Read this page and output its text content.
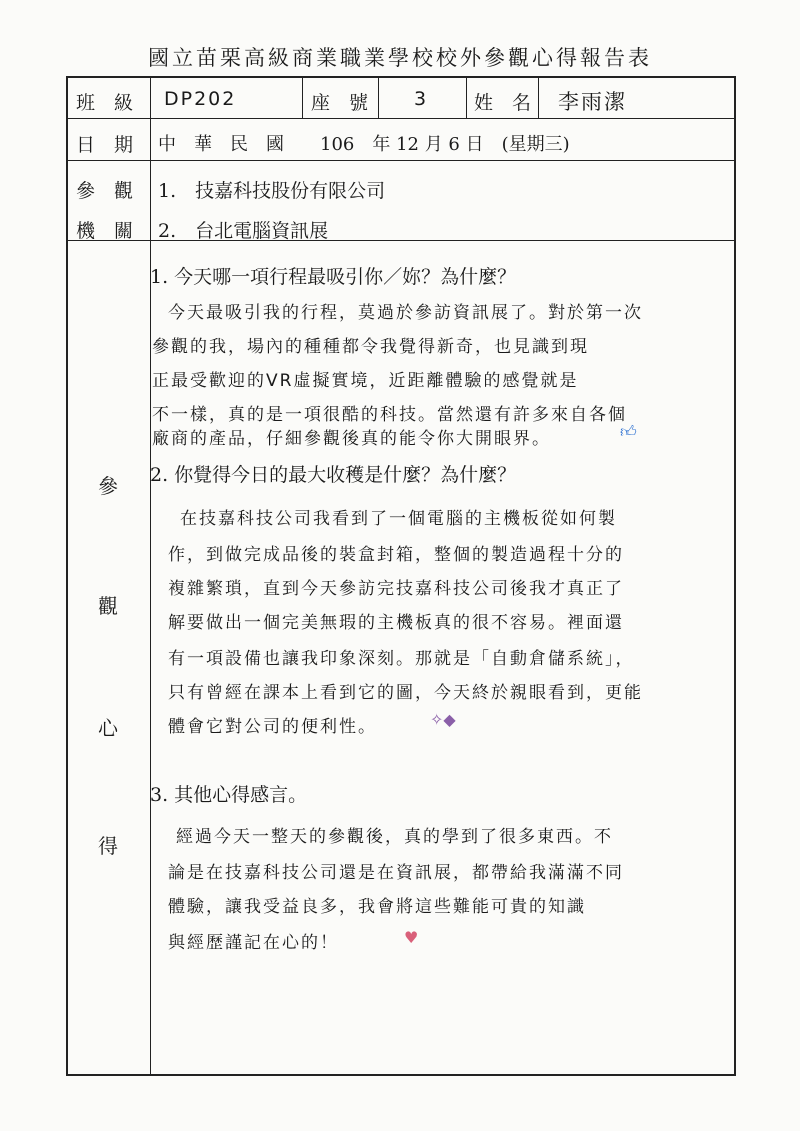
國立苗栗高級商業職業學校校外參觀心得報告表
班　級 DP202	座　號 3 姓　名 李雨潔
日　期 中　華　民　國　　106　年 12 月 6 日　(星期三)
參　觀
機　關
1.　技嘉科技股份有限公司
2.　台北電腦資訊展
參
觀
心
得
1. 今天哪一項行程最吸引你／妳？為什麼？
今天最吸引我的行程，莫過於參訪資訊展了。對於第一次
參觀的我，場內的種種都令我覺得新奇，也見識到現
正最受歡迎的VR虛擬實境，近距離體驗的感覺就是
不一樣，真的是一項很酷的科技。當然還有許多來自各個
廠商的產品，仔細參觀後真的能令你大開眼界。	👍︎
2. 你覺得今日的最大收穫是什麼？為什麼？
在技嘉科技公司我看到了一個電腦的主機板從如何製
作，到做完成品後的裝盒封箱，整個的製造過程十分的
複雜繁瑣，直到今天參訪完技嘉科技公司後我才真正了
解要做出一個完美無瑕的主機板真的很不容易。裡面還
有一項設備也讓我印象深刻。那就是「自動倉儲系統」，
只有曾經在課本上看到它的圖，今天終於親眼看到，更能
體會它對公司的便利性。	✧◆
3. 其他心得感言。
經過今天一整天的參觀後，真的學到了很多東西。不
論是在技嘉科技公司還是在資訊展，都帶給我滿滿不同
體驗，讓我受益良多，我會將這些難能可貴的知識
與經歷謹記在心的！	♥
